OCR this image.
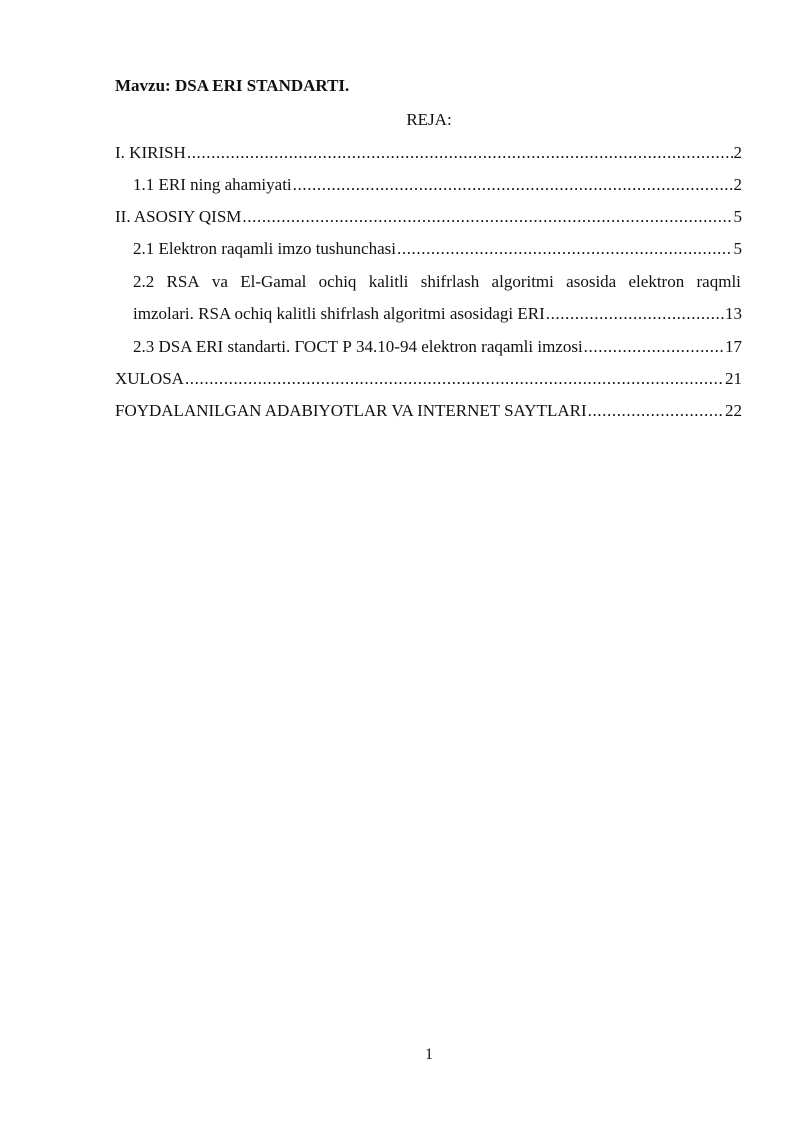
Mavzu: DSA ERI STANDARTI.
REJA:
I. KIRISH .....	2
1.1 ERI ning ahamiyati .....	2
II. ASOSIY QISM .....	5
2.1 Elektron raqamli imzo tushunchasi .....	5
2.2 RSA va El-Gamal ochiq kalitli shifrlash algoritmi asosida elektron raqmli
imzolari. RSA ochiq kalitli shifrlash algoritmi asosidagi ERI .....	13
2.3 DSA ERI standarti. ГОСТ Р 34.10-94 elektron raqamli imzosi .....	17
XULOSA .....	21
FOYDALANILGAN ADABIYOTLAR VA INTERNET SAYTLARI .....	22
1
